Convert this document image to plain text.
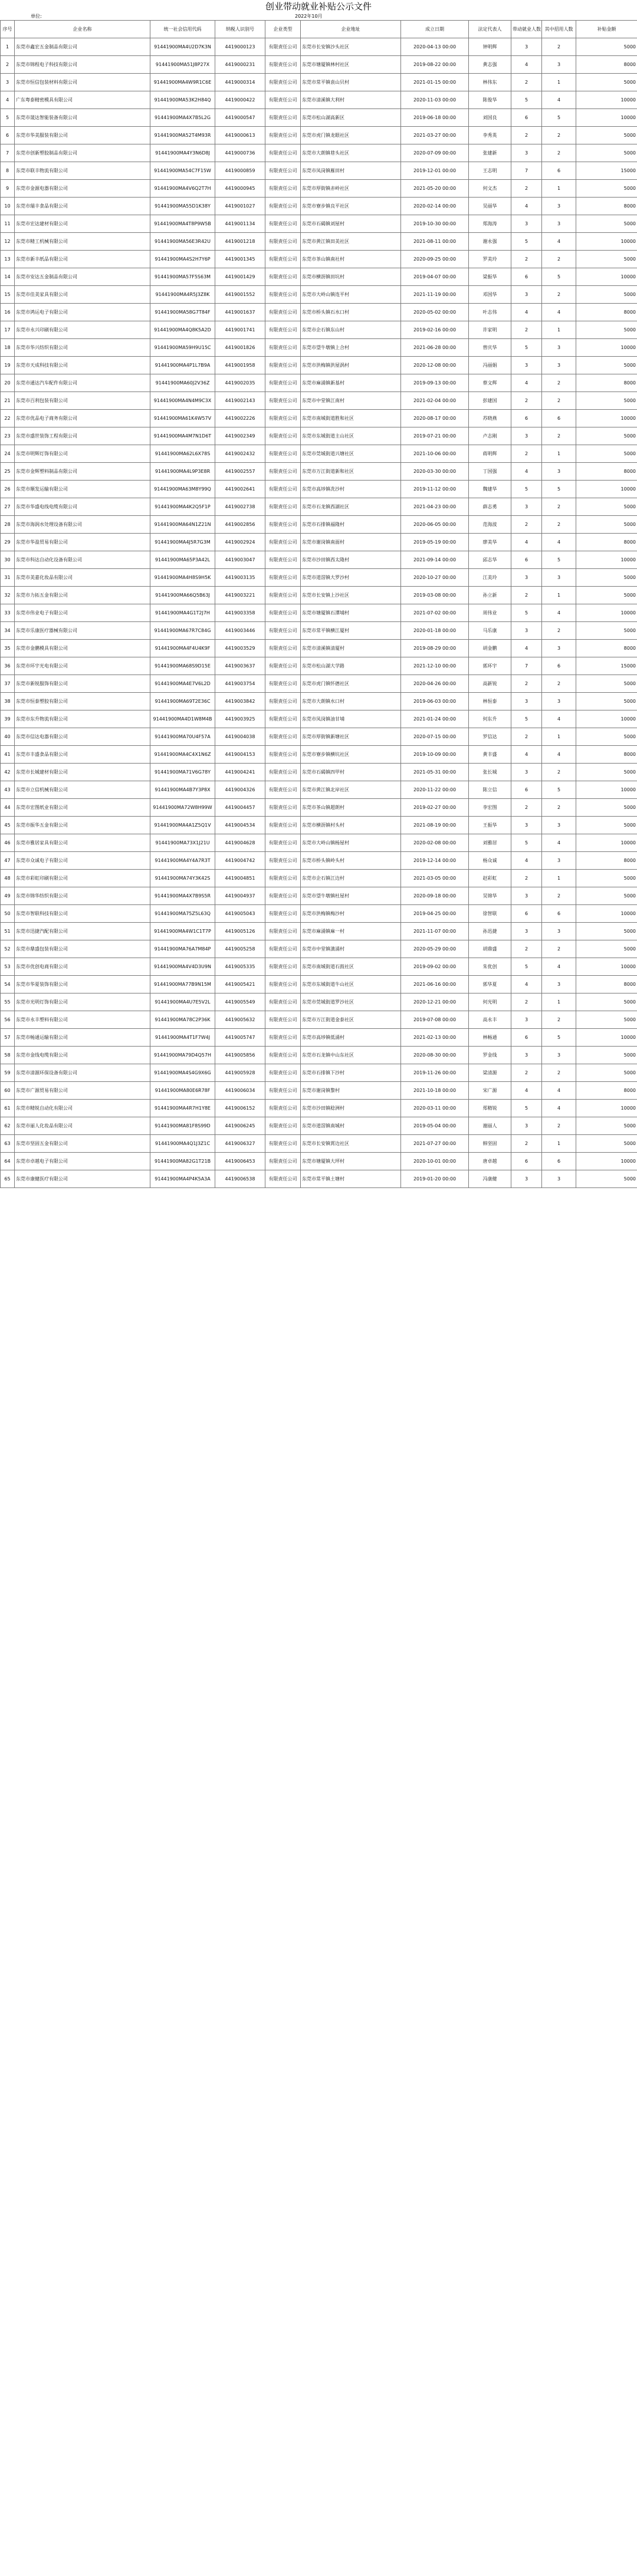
创业带动就业补贴公示文件
单位:	2022年10月
序号	企业名称	统一社会信用代码	纳税人识别号	企业类型	企业地址	成立日期	法定代表人	带动就业人数	其中招用人数	补贴金额
1	东莞市鑫宏五金制品有限公司	91441900MA4U2D7K3N	4419000123	有限责任公司	东莞市长安镇沙头社区	2020-04-13 00:00	钟明辉	3	2	5000
2	东莞市锦程电子科技有限公司	91441900MA51J8P27X	4419000231	有限责任公司	东莞市塘厦镇林村社区	2019-08-22 00:00	黄志强	4	3	8000
3	东莞市恒信包装材料有限公司	91441900MA4W9R1C6E	4419000314	有限责任公司	东莞市常平镇袁山贝村	2021-01-15 00:00	林伟东	2	1	5000
4	广东粤泰精密模具有限公司	91441900MA53K2H84Q	4419000422	有限责任公司	东莞市清溪镇大利村	2020-11-03 00:00	陈俊华	5	4	10000
5	东莞市晟达智能装备有限公司	91441900MA4X7B5L2G	4419000547	有限责任公司	东莞市松山湖高新区	2019-06-18 00:00	刘国良	6	5	10000
6	东莞市华美服装有限公司	91441900MA52T4M93R	4419000613	有限责任公司	东莞市虎门镇龙眼社区	2021-03-27 00:00	李秀英	2	2	5000
7	东莞市创新塑胶制品有限公司	91441900MA4Y3N6D8J	4419000736	有限责任公司	东莞市大朗镇巷头社区	2020-07-09 00:00	张建新	3	2	5000
8	东莞市联丰物流有限公司	91441900MA54C7F15W	4419000859	有限责任公司	东莞市凤岗镇雁田村	2019-12-01 00:00	王志明	7	6	15000
9	东莞市金源电器有限公司	91441900MA4V6Q2T7H	4419000945	有限责任公司	东莞市厚街镇赤岭社区	2021-05-20 00:00	何文杰	2	1	5000
10	东莞市瑞丰食品有限公司	91441900MA55D1K38Y	4419001027	有限责任公司	东莞市寮步镇良平社区	2020-02-14 00:00	吴丽华	4	3	8000
11	东莞市宏达建材有限公司	91441900MA4T8P9W5B	4419001134	有限责任公司	东莞市石碣镇刘屋村	2019-10-30 00:00	郑海涛	3	3	5000
12	东莞市精工机械有限公司	91441900MA56E3R42U	4419001218	有限责任公司	东莞市黄江镇田美社区	2021-08-11 00:00	谢永强	5	4	10000
13	东莞市新丰纸品有限公司	91441900MA4S2H7Y6P	4419001345	有限责任公司	东莞市茶山镇南社村	2020-09-25 00:00	罗美玲	2	2	5000
14	东莞市安达五金制品有限公司	91441900MA57F5S63M	4419001429	有限责任公司	东莞市横沥镇田坑村	2019-04-07 00:00	梁振华	6	5	10000
15	东莞市佳美家具有限公司	91441900MA4R5J3Z8K	4419001552	有限责任公司	东莞市大岭山镇连平村	2021-11-19 00:00	邓国华	3	2	5000
16	东莞市鸿运电子有限公司	91441900MA58G7T84F	4419001637	有限责任公司	东莞市桥头镇石水口村	2020-05-02 00:00	叶志伟	4	4	8000
17	东莞市永兴印刷有限公司	91441900MA4Q8K5A2D	4419001741	有限责任公司	东莞市企石镇东山村	2019-02-16 00:00	许家明	2	1	5000
18	东莞市华兴纺织有限公司	91441900MA59H9U15C	4419001826	有限责任公司	东莞市望牛墩镇上合村	2021-06-28 00:00	曾庆华	5	3	10000
19	东莞市天成科技有限公司	91441900MA4P1L7B9A	4419001958	有限责任公司	东莞市洪梅镇洪屋涡村	2020-12-08 00:00	冯丽娟	3	3	5000
20	东莞市通达汽车配件有限公司	91441900MA60J2V36Z	4419002035	有限责任公司	东莞市麻涌镇新基村	2019-09-13 00:00	蔡文辉	4	2	8000
21	东莞市百利包装有限公司	91441900MA4N4M9C3X	4419002143	有限责任公司	东莞市中堂镇江南村	2021-02-04 00:00	彭建国	2	2	5000
22	东莞市优品电子商务有限公司	91441900MA61K4W57V	4419002226	有限责任公司	东莞市南城街道胜和社区	2020-08-17 00:00	苏晓燕	6	6	10000
23	东莞市盛世装饰工程有限公司	91441900MA4M7N1D6T	4419002349	有限责任公司	东莞市东城街道主山社区	2019-07-21 00:00	卢志刚	3	2	5000
24	东莞市明辉灯饰有限公司	91441900MA62L6X78S	4419002432	有限责任公司	东莞市莞城街道兴塘社区	2021-10-06 00:00	蒋明辉	2	1	5000
25	东莞市金辉塑料制品有限公司	91441900MA4L9P3E8R	4419002557	有限责任公司	东莞市万江街道新和社区	2020-03-30 00:00	丁国强	4	3	8000
26	东莞市顺发运输有限公司	91441900MA63M8Y99Q	4419002641	有限责任公司	东莞市高埗镇冼沙村	2019-11-12 00:00	魏建华	5	5	10000
27	东莞市华盛电线电缆有限公司	91441900MA4K2Q5F1P	4419002738	有限责任公司	东莞市石龙镇西湖社区	2021-04-23 00:00	薛志勇	3	2	5000
28	东莞市海润水处理设备有限公司	91441900MA64N1Z21N	4419002856	有限责任公司	东莞市石排镇福隆村	2020-06-05 00:00	范海波	2	2	5000
29	东莞市华盈贸易有限公司	91441900MA4J5R7G3M	4419002924	有限责任公司	东莞市谢岗镇南面村	2019-05-19 00:00	廖美华	4	4	8000
30	东莞市科达自动化设备有限公司	91441900MA65P3A42L	4419003047	有限责任公司	东莞市沙田镇西太隆村	2021-09-14 00:00	邱志华	6	5	10000
31	东莞市美嘉化妆品有限公司	91441900MA4H8S9H5K	4419003135	有限责任公司	东莞市道滘镇大罗沙村	2020-10-27 00:00	江美玲	3	3	5000
32	东莞市力拓五金有限公司	91441900MA66Q5B63J	4419003221	有限责任公司	东莞市长安镇上沙社区	2019-03-08 00:00	孙立新	2	1	5000
33	东莞市伟业电子有限公司	91441900MA4G1T2J7H	4419003358	有限责任公司	东莞市塘厦镇石潭埔村	2021-07-02 00:00	周伟业	5	4	10000
34	东莞市乐康医疗器械有限公司	91441900MA67R7C84G	4419003446	有限责任公司	东莞市常平镇横江厦村	2020-01-18 00:00	马乐康	3	2	5000
35	东莞市金鹏模具有限公司	91441900MA4F4U4K9F	4419003529	有限责任公司	东莞市清溪镇清厦村	2019-08-29 00:00	胡金鹏	4	3	8000
36	东莞市环宇光电有限公司	91441900MA68S9D15E	4419003637	有限责任公司	东莞市松山湖大学路	2021-12-10 00:00	郭环宇	7	6	15000
37	东莞市新锐服饰有限公司	91441900MA4E7V6L2D	4419003754	有限责任公司	东莞市虎门镇怀德社区	2020-04-26 00:00	高新锐	2	2	5000
38	东莞市恒泰塑胶有限公司	91441900MA69T2E36C	4419003842	有限责任公司	东莞市大朗镇水口村	2019-06-03 00:00	林恒泰	3	3	5000
39	东莞市东升物流有限公司	91441900MA4D1W8M4B	4419003925	有限责任公司	东莞市凤岗镇油甘埔	2021-01-24 00:00	何东升	5	4	10000
40	东莞市信达电器有限公司	91441900MA70U4F57A	4419004038	有限责任公司	东莞市厚街镇新塘社区	2020-07-15 00:00	罗信达	2	1	5000
41	东莞市丰盛食品有限公司	91441900MA4C4X1N6Z	4419004153	有限责任公司	东莞市寮步镇横坑社区	2019-10-09 00:00	黄丰盛	4	4	8000
42	东莞市长城建材有限公司	91441900MA71V6G78Y	4419004241	有限责任公司	东莞市石碣镇四甲村	2021-05-31 00:00	张长城	3	2	5000
43	东莞市立信机械有限公司	91441900MA4B7Y3P8X	4419004326	有限责任公司	东莞市黄江镇北岸社区	2020-11-22 00:00	陈立信	6	5	10000
44	东莞市宏图纸业有限公司	91441900MA72W8H99W	4419004457	有限责任公司	东莞市茶山镇超朗村	2019-02-27 00:00	李宏图	2	2	5000
45	东莞市振华五金有限公司	91441900MA4A1Z5Q1V	4419004534	有限责任公司	东莞市横沥镇村头村	2021-08-19 00:00	王振华	3	3	5000
46	东莞市雅居家具有限公司	91441900MA73X1J21U	4419004628	有限责任公司	东莞市大岭山镇杨屋村	2020-02-08 00:00	刘雅居	5	4	10000
47	东莞市众诚电子有限公司	91441900MA4Y4A7R3T	4419004742	有限责任公司	东莞市桥头镇岭头村	2019-12-14 00:00	杨众诚	4	3	8000
48	东莞市彩虹印刷有限公司	91441900MA74Y3K42S	4419004851	有限责任公司	东莞市企石镇江边村	2021-03-05 00:00	赵彩虹	2	1	5000
49	东莞市锦华纺织有限公司	91441900MA4X7B9S5R	4419004937	有限责任公司	东莞市望牛墩镇杜屋村	2020-09-18 00:00	吴锦华	3	2	5000
50	东莞市智联科技有限公司	91441900MA75Z5L63Q	4419005043	有限责任公司	东莞市洪梅镇梅沙村	2019-04-25 00:00	徐智联	6	6	10000
51	东莞市迅捷汽配有限公司	91441900MA4W1C1T7P	4419005126	有限责任公司	东莞市麻涌镇麻一村	2021-11-07 00:00	孙迅捷	3	3	5000
52	东莞市鼎盛包装有限公司	91441900MA76A7M84P	4419005258	有限责任公司	东莞市中堂镇潢涌村	2020-05-29 00:00	胡鼎盛	2	2	5000
53	东莞市优创电商有限公司	91441900MA4V4D3U9N	4419005335	有限责任公司	东莞市南城街道石鼓社区	2019-09-02 00:00	朱优创	5	4	10000
54	东莞市华夏装饰有限公司	91441900MA77B9N15M	4419005421	有限责任公司	东莞市东城街道牛山社区	2021-06-16 00:00	郭华夏	4	3	8000
55	东莞市光明灯饰有限公司	91441900MA4U7E5V2L	4419005549	有限责任公司	东莞市莞城街道罗沙社区	2020-12-21 00:00	何光明	2	1	5000
56	东莞市永丰塑料有限公司	91441900MA78C2P36K	4419005632	有限责任公司	东莞市万江街道金泰社区	2019-07-08 00:00	高永丰	3	2	5000
57	东莞市畅通运输有限公司	91441900MA4T1F7W4J	4419005747	有限责任公司	东莞市高埗镇低涌村	2021-02-13 00:00	林畅通	6	5	10000
58	东莞市金线电缆有限公司	91441900MA79D4Q57H	4419005856	有限责任公司	东莞市石龙镇中山东社区	2020-08-30 00:00	罗金线	3	3	5000
59	东莞市清源环保设备有限公司	91441900MA4S4G9X6G	4419005928	有限责任公司	东莞市石排镇下沙村	2019-11-26 00:00	梁清源	2	2	5000
60	东莞市广源贸易有限公司	91441900MA80E6R78F	4419006034	有限责任公司	东莞市谢岗镇黎村	2021-10-18 00:00	宋广源	4	4	8000
61	东莞市精锐自动化有限公司	91441900MA4R7H1Y8E	4419006152	有限责任公司	东莞市沙田镇稔洲村	2020-03-11 00:00	郑精锐	5	4	10000
62	东莞市丽人化妆品有限公司	91441900MA81F8S99D	4419006245	有限责任公司	东莞市道滘镇南城村	2019-05-04 00:00	谢丽人	3	2	5000
63	东莞市坚固五金有限公司	91441900MA4Q1J3Z1C	4419006327	有限责任公司	东莞市长安镇霄边社区	2021-07-27 00:00	韩坚固	2	1	5000
64	东莞市卓越电子有限公司	91441900MA82G1T21B	4419006453	有限责任公司	东莞市塘厦镇大坪村	2020-10-01 00:00	唐卓越	6	6	10000
65	东莞市康健医疗有限公司	91441900MA4P4K5A3A	4419006538	有限责任公司	东莞市常平镇土塘村	2019-01-20 00:00	冯康健	3	3	5000
